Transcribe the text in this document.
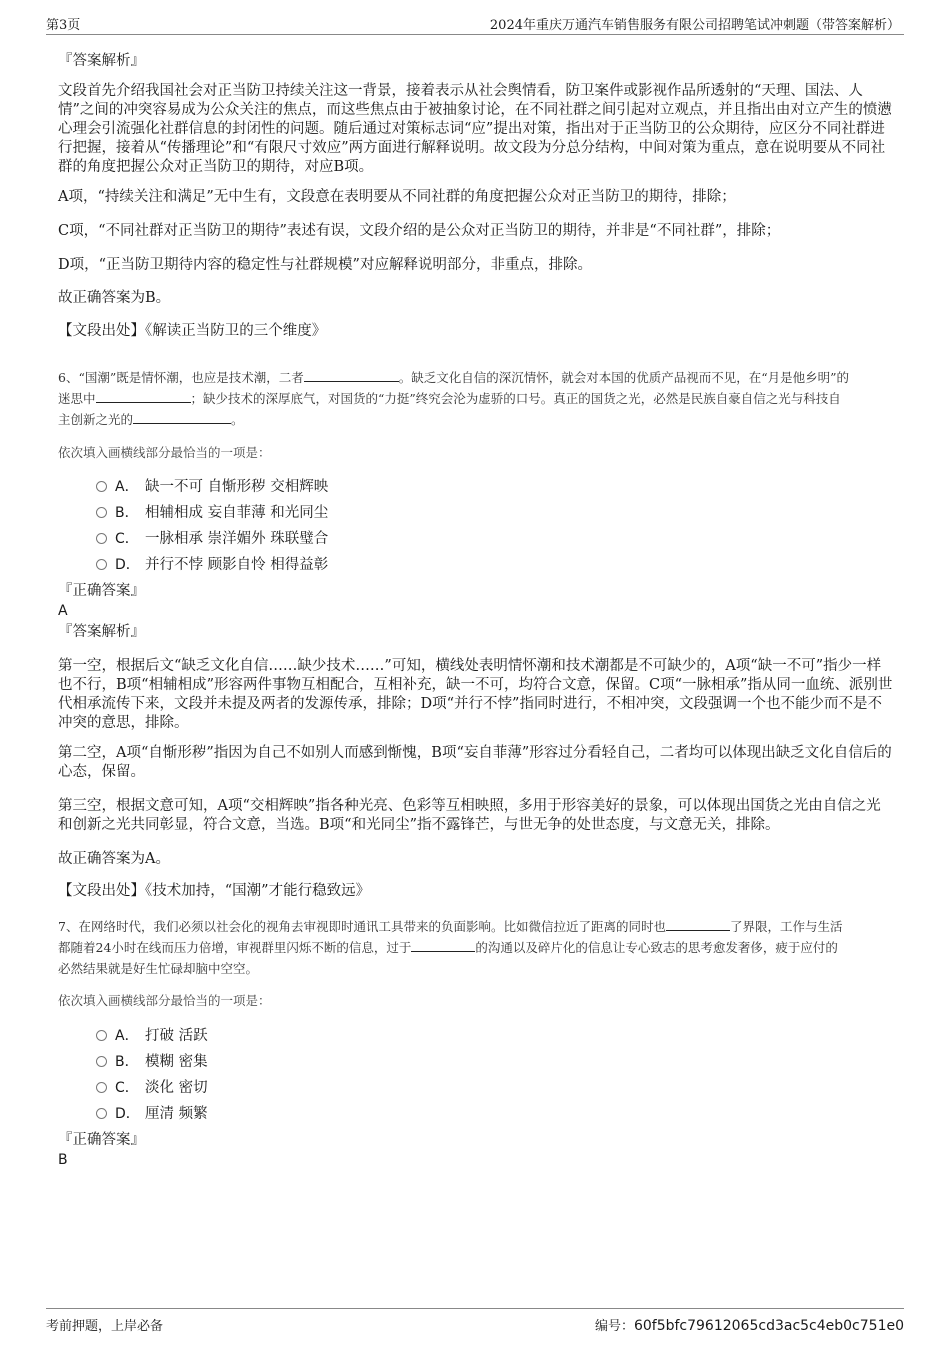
第3页	2024年重庆万通汽车销售服务有限公司招聘笔试冲刺题（带答案解析）
『答案解析』
文段首先介绍我国社会对正当防卫持续关注这一背景，接着表示从社会舆情看，防卫案件或影视作品所透射的“天理、国法、人情”之间的冲突容易成为公众关注的焦点，而这些焦点由于被抽象讨论，在不同社群之间引起对立观点，并且指出由对立产生的愤懑心理会引流强化社群信息的封闭性的问题。随后通过对策标志词“应”提出对策，指出对于正当防卫的公众期待，应区分不同社群进行把握，接着从“传播理论”和“有限尺寸效应”两方面进行解释说明。故文段为分总分结构，中间对策为重点，意在说明要从不同社群的角度把握公众对正当防卫的期待，对应B项。
A项，“持续关注和满足”无中生有，文段意在表明要从不同社群的角度把握公众对正当防卫的期待，排除；
C项，“不同社群对正当防卫的期待”表述有误，文段介绍的是公众对正当防卫的期待，并非是“不同社群”，排除；
D项，“正当防卫期待内容的稳定性与社群规模”对应解释说明部分，非重点，排除。
故正确答案为B。
【文段出处】《解读正当防卫的三个维度》
6、“国潮”既是情怀潮，也应是技术潮，二者	。缺乏文化自信的深沉情怀，就会对本国的优质产品视而不见，在“月是他乡明”的
迷思中	；缺少技术的深厚底气，对国货的“力挺”终究会沦为虚骄的口号。真正的国货之光，必然是民族自豪自信之光与科技自
主创新之光的	。
依次填入画横线部分最恰当的一项是：
A． 缺一不可 自惭形秽 交相辉映
B． 相辅相成 妄自菲薄 和光同尘
C． 一脉相承 崇洋媚外 珠联璧合
D． 并行不悖 顾影自怜 相得益彰
『正确答案』
A
『答案解析』
第一空，根据后文“缺乏文化自信……缺少技术……”可知，横线处表明情怀潮和技术潮都是不可缺少的，A项“缺一不可”指少一样也不行，B项“相辅相成”形容两件事物互相配合，互相补充，缺一不可，均符合文意，保留。C项“一脉相承”指从同一血统、派别世代相承流传下来，文段并未提及两者的发源传承，排除；D项“并行不悖”指同时进行，不相冲突，文段强调一个也不能少而不是不冲突的意思，排除。
第二空，A项“自惭形秽”指因为自己不如别人而感到惭愧，B项“妄自菲薄”形容过分看轻自己，二者均可以体现出缺乏文化自信后的心态，保留。
第三空，根据文意可知，A项“交相辉映”指各种光亮、色彩等互相映照，多用于形容美好的景象，可以体现出国货之光由自信之光和创新之光共同彰显，符合文意，当选。B项“和光同尘”指不露锋芒，与世无争的处世态度，与文意无关，排除。
故正确答案为A。
【文段出处】《技术加持，“国潮”才能行稳致远》
7、在网络时代，我们必须以社会化的视角去审视即时通讯工具带来的负面影响。比如微信拉近了距离的同时也	了界限，工作与生活
都随着24小时在线而压力倍增，审视群里闪烁不断的信息，过于	的沟通以及碎片化的信息让专心致志的思考愈发奢侈，疲于应付的
必然结果就是好生忙碌却脑中空空。
依次填入画横线部分最恰当的一项是：
A． 打破 活跃
B． 模糊 密集
C． 淡化 密切
D． 厘清 频繁
『正确答案』
B
考前押题，上岸必备	编号：60f5bfc79612065cd3ac5c4eb0c751e0
